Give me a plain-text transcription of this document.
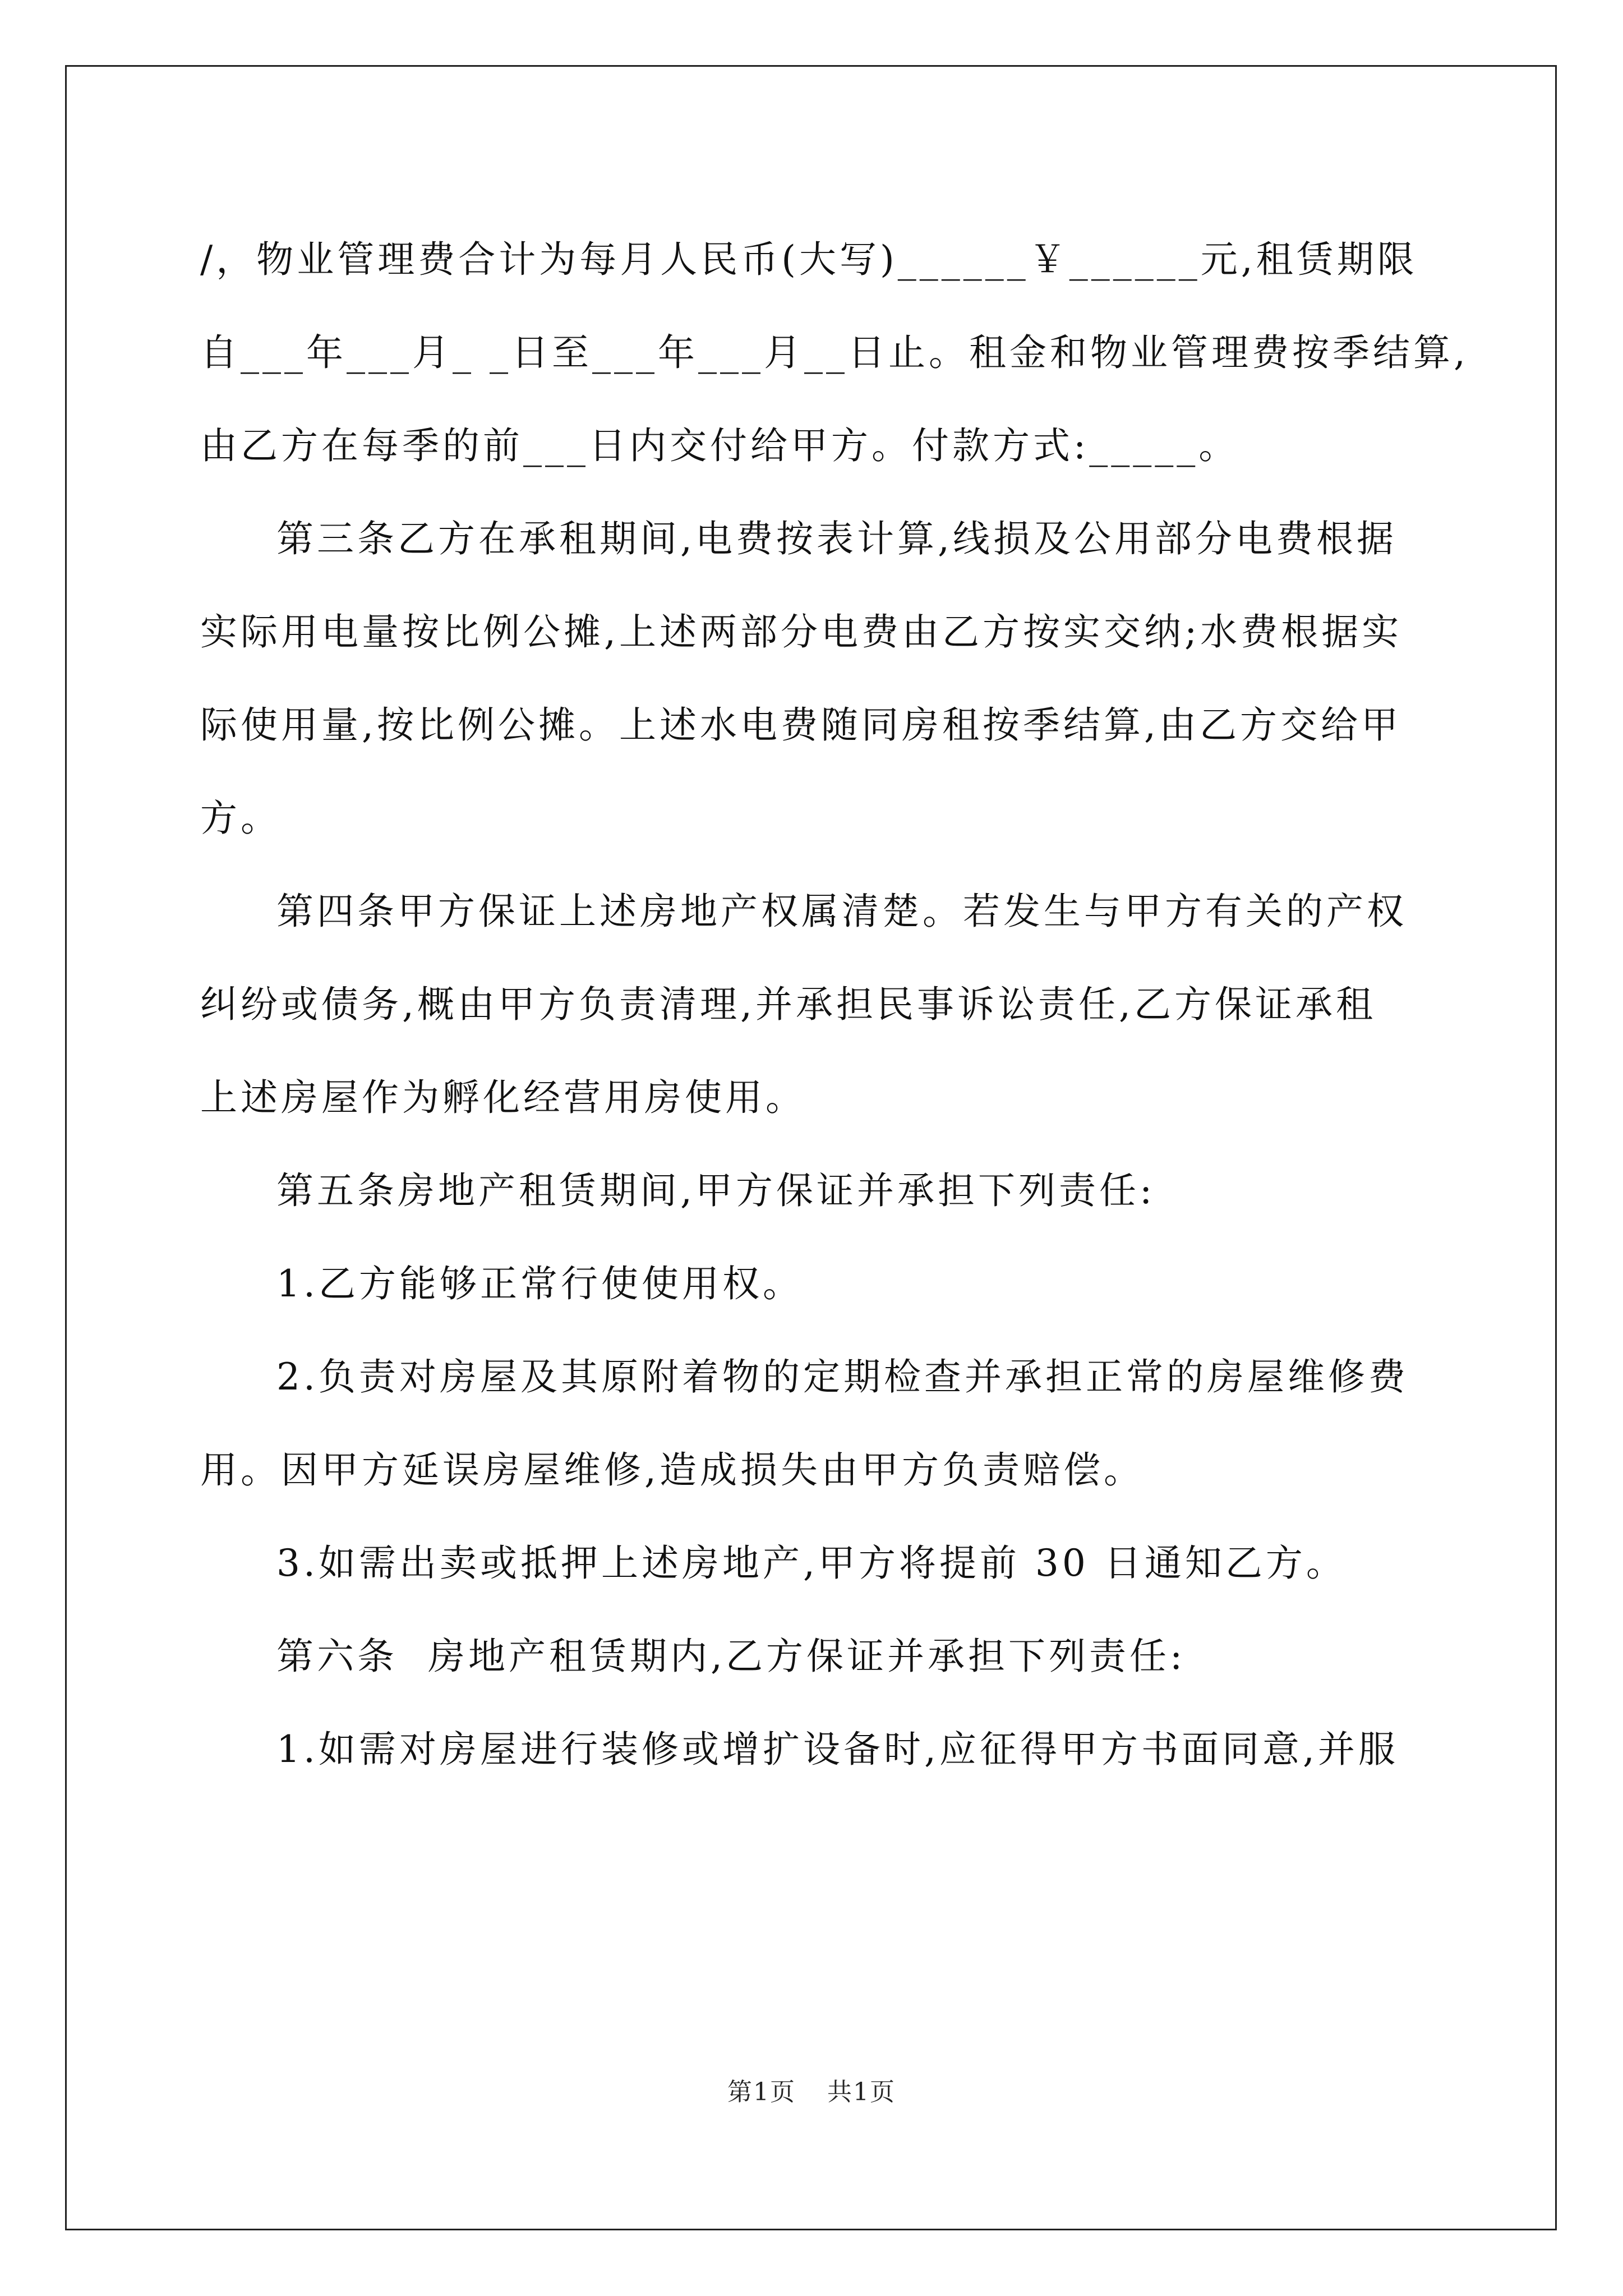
/，物业管理费合计为每月人民币(大写)______￥______元,租赁期限

自___年___月_ _日至___年___月__日止。租金和物业管理费按季结算,

由乙方在每季的前___日内交付给甲方。付款方式:_____。

第三条乙方在承租期间,电费按表计算,线损及公用部分电费根据

实际用电量按比例公摊,上述两部分电费由乙方按实交纳;水费根据实

际使用量,按比例公摊。上述水电费随同房租按季结算,由乙方交给甲

方。

第四条甲方保证上述房地产权属清楚。若发生与甲方有关的产权

纠纷或债务,概由甲方负责清理,并承担民事诉讼责任,乙方保证承租

上述房屋作为孵化经营用房使用。

第五条房地产租赁期间,甲方保证并承担下列责任:

1.乙方能够正常行使使用权。

2.负责对房屋及其原附着物的定期检查并承担正常的房屋维修费

用。因甲方延误房屋维修,造成损失由甲方负责赔偿。

3.如需出卖或抵押上述房地产,甲方将提前 30 日通知乙方。

第六条  房地产租赁期内,乙方保证并承担下列责任:

1.如需对房屋进行装修或增扩设备时,应征得甲方书面同意,并服

第1页 共1页
